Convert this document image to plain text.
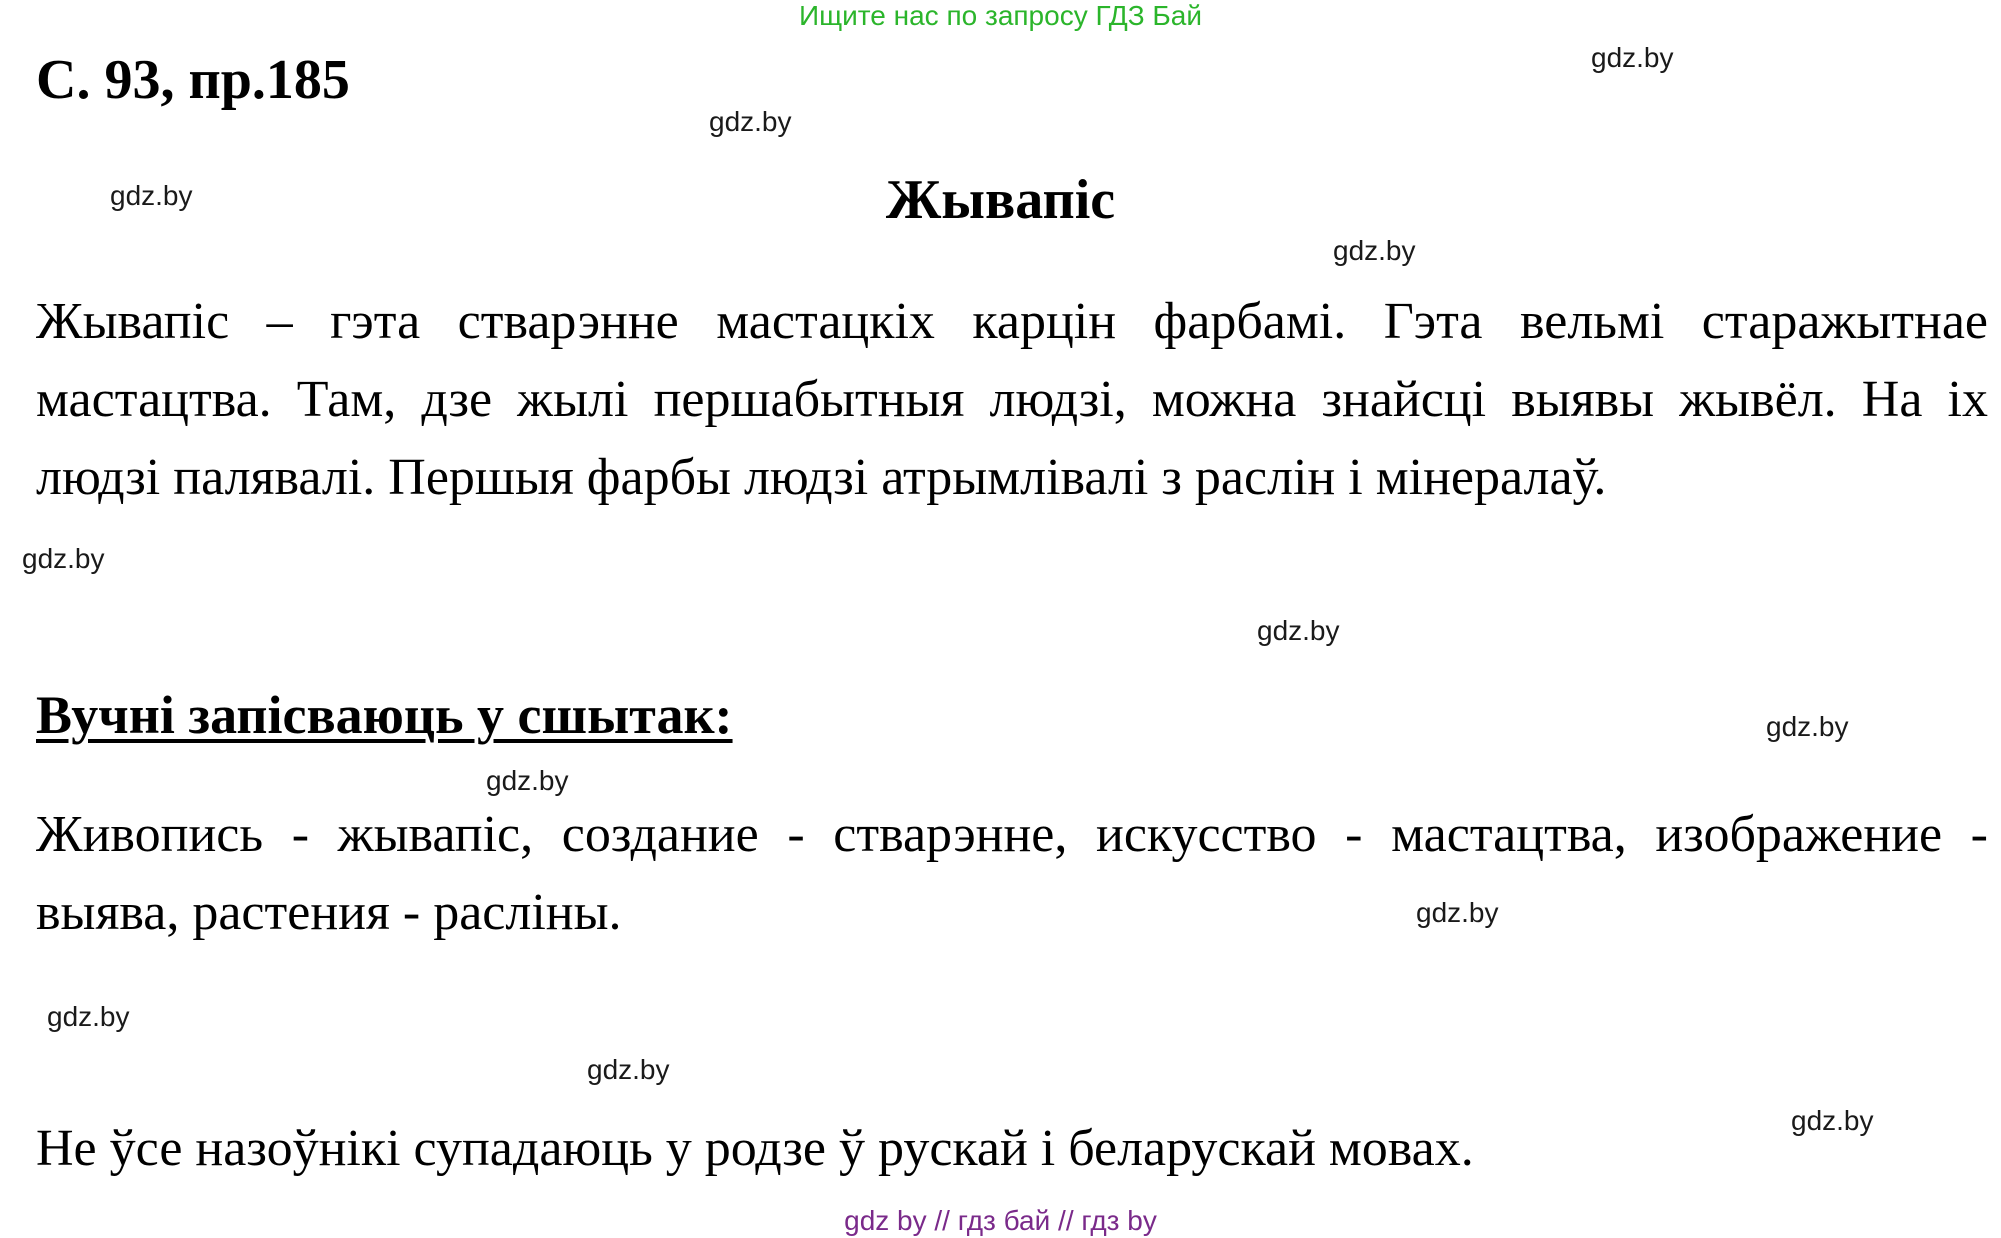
Ищите нас по запросу ГДЗ Бай
С. 93, пр.185
Жывапіс
Жывапіс – гэта стварэнне мастацкіх карцін фарбамі. Гэта вельмі старажытнае мастацтва. Там, дзе жылі першабытныя людзі, можна знайсці выявы жывёл. На іх людзі палявалі. Першыя фарбы людзі атрымлівалі з раслін і мінералаў.
Вучні запісваюць у сшытак:
Живопись - жывапіс, создание - стварэнне, искусство - мастацтва, изображение - выява, растения - расліны.
Не ўсе назоўнікі супадаюць у родзе ў рускай і беларускай мовах.
gdz.by
gdz.by
gdz.by
gdz.by
gdz.by
gdz.by
gdz.by
gdz.by
gdz.by
gdz.by
gdz.by
gdz.by
gdz by // гдз бай // гдз by
